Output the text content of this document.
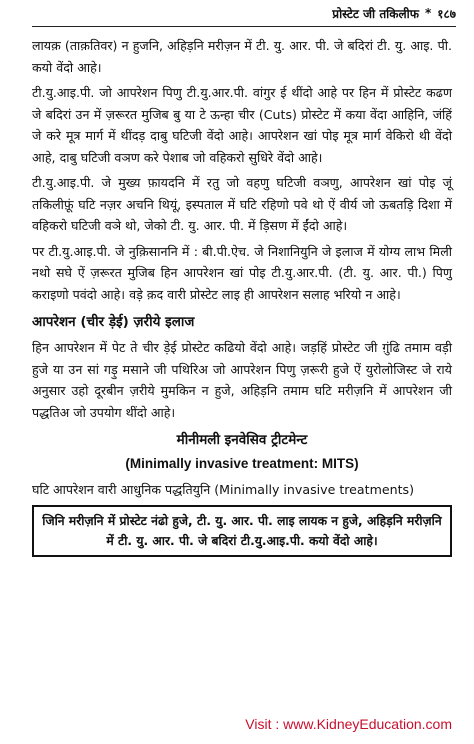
प्रोस्टेट जी तकिलीफ * १८७

लायक़ (ताक़तिवर) न हुजनि, अहिड़नि मरीज़न में टी. यु. आर. पी. जे बदिरां टी. यु. आइ. पी. कयो वेंदो आहे।

टी.यु.आइ.पी. जो आपरेशन पिणु टी.यु.आर.पी. वांगुर ई थींदो आहे पर हिन में प्रोस्टेट कढण जे बदिरां उन में ज़रूरत मुजिब बु या टे ऊन्हा चीर (Cuts) प्रोस्टेट में कया वेंदा आहिनि, जंहिं जे करे मूत्र मार्ग में थींदड़ दाबु घटिजी वेंदो आहे। आपरेशन खां पोइ मूत्र मार्ग वेकिरो थी वेंदो आहे, दाबु घटिजी वञण करे पेशाब जो वहिकरो सुधिरे वेंदो आहे।

टी.यु.आइ.पी. जे मुख्य फ़ायदनि में रतु जो वहणु घटिजी वञणु, आपरेशन खां पोइ जूं तकिलीफ़ूं घटि नज़र अचनि थियूं, इस्पताल में घटि रहिणो पवे थो ऐं वीर्य जो ऊबतड़ि दिशा में वहिकरो घटिजी वञे थो, जेको टी. यु. आर. पी. में ड़िसण में ईंदो आहे।

पर टी.यु.आइ.पी. जे नुक़िसाननि में : बी.पी.ऐच. जे निशानियुनि जे इलाज में योग्य लाभ मिली नथो सघे ऐं ज़रूरत मुजिब हिन आपरेशन खां पोइ टी.यु.आर.पी. (टी. यु. आर. पी.) पिणु कराइणो पवंदो आहे। वड़े क़द वारी प्रोस्टेट लाइ ही आपरेशन सलाह भरियो न आहे।

आपरेशन (चीर ड़ेई) ज़रीये इलाज

हिन आपरेशन में पेट ते चीर ड़ेई प्रोस्टेट कढियो वेंदो आहे। जड़हिं प्रोस्टेट जी ग़ुंढि तमाम वड़ी हुजे या उन सां गड़ु मसाने जी पथिरिअ जो आपरेशन पिणु ज़रूरी हुजे ऐं युरोलोजिस्ट जे राये अनुसार उहो दूरबीन ज़रीये मुमकिन न हुजे, अहिड़नि तमाम घटि मरीज़नि में आपरेशन जी पद्धतिअ जो उपयोग थींदो आहे।

मीनीमली इनवेसिव ट्रीटमेन्ट
(Minimally invasive treatment: MITS)

घटि आपरेशन वारी आधुनिक पद्धतियुनि (Minimally invasive treatments)

जिनि मरीज़नि में प्रोस्टेट नंढो हुजे, टी. यु. आर. पी. लाइ लायक न हुजे, अहिड़नि मरीज़नि में टी. यु. आर. पी. जे बदिरां टी.यु.आइ.पी. कयो वेंदो आहे।
Visit : www.KidneyEducation.com
